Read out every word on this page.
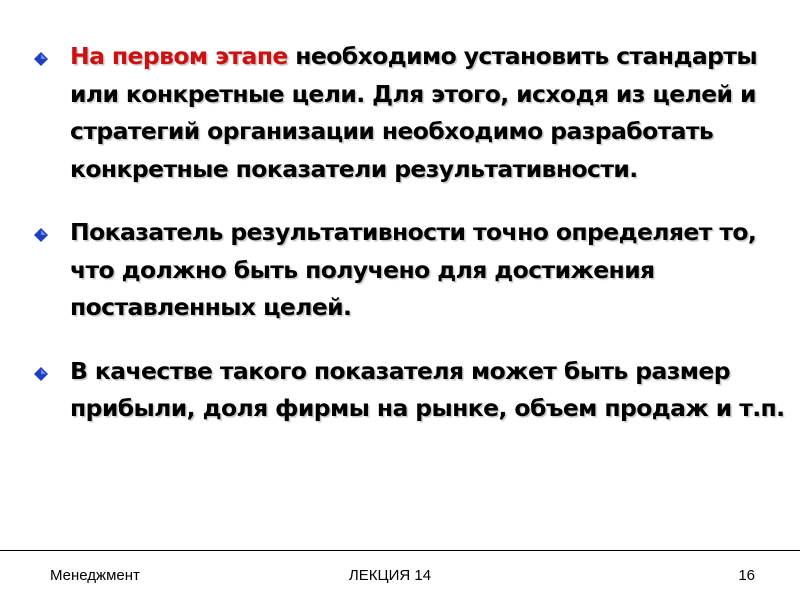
На первом этапе необходимо установить стандарты или конкретные цели. Для этого, исходя из целей и стратегий организации необходимо разработать конкретные показатели результативности.
Показатель результативности точно определяет то, что должно быть получено для достижения поставленных целей.
В качестве такого показателя может быть размер прибыли, доля фирмы на рынке, объем продаж и т.п.
Менеджмент	ЛЕКЦИЯ 14	16
